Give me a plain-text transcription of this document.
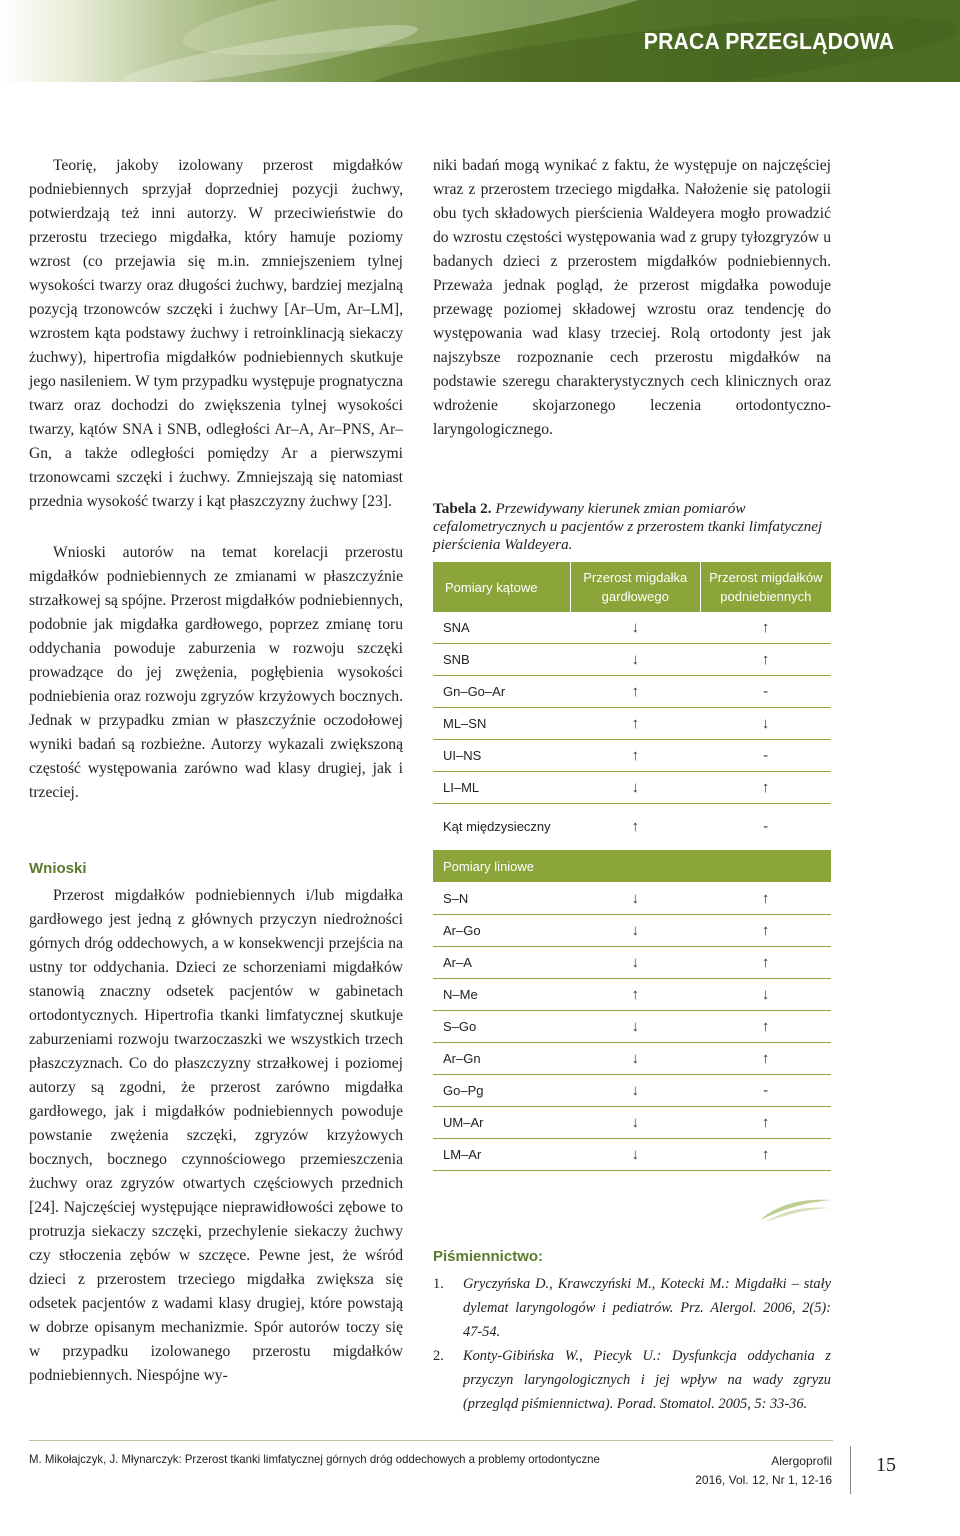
PRACA PRZEGLĄDOWA

Teorię, jakoby izolowany przerost migdałków podniebiennych sprzyjał doprzedniej pozycji żuchwy, potwierdzają też inni autorzy. W przeciwieństwie do przerostu trzeciego migdałka, który hamuje poziomy wzrost (co przejawia się m.in. zmniejszeniem tylnej wysokości twarzy oraz długości żuchwy, bardziej mezjalną pozycją trzonowców szczęki i żuchwy [Ar–Um, Ar–LM], wzrostem kąta podstawy żuchwy i retroinklinacją siekaczy żuchwy), hipertrofia migdałków podniebiennych skutkuje jego nasileniem. W tym przypadku występuje prognatyczna twarz oraz dochodzi do zwiększenia tylnej wysokości twarzy, kątów SNA i SNB, odległości Ar–A, Ar–PNS, Ar–Gn, a także odległości pomiędzy Ar a pierwszymi trzonowcami szczęki i żuchwy. Zmniejszają się natomiast przednia wysokość twarzy i kąt płaszczyzny żuchwy [23].

Wnioski autorów na temat korelacji przerostu migdałków podniebiennych ze zmianami w płaszczyźnie strzałkowej są spójne. Przerost migdałków podniebiennych, podobnie jak migdałka gardłowego, poprzez zmianę toru oddychania powoduje zaburzenia w rozwoju szczęki prowadzące do jej zwężenia, pogłębienia wysokości podniebienia oraz rozwoju zgryzów krzyżowych bocznych. Jednak w przypadku zmian w płaszczyźnie oczodołowej wyniki badań są rozbieżne. Autorzy wykazali zwiększoną częstość występowania zarówno wad klasy drugiej, jak i trzeciej.

Wnioski

Przerost migdałków podniebiennych i/lub migdałka gardłowego jest jedną z głównych przyczyn niedrożności górnych dróg oddechowych, a w konsekwencji przejścia na ustny tor oddychania. Dzieci ze schorzeniami migdałków stanowią znaczny odsetek pacjentów w gabinetach ortodontycznych. Hipertrofia tkanki limfatycznej skutkuje zaburzeniami rozwoju twarzoczaszki we wszystkich trzech płaszczyznach. Co do płaszczyzny strzałkowej i poziomej autorzy są zgodni, że przerost zarówno migdałka gardłowego, jak i migdałków podniebiennych powoduje powstanie zwężenia szczęki, zgryzów krzyżowych bocznych, bocznego czynnościowego przemieszczenia żuchwy oraz zgryzów otwartych częściowych przednich [24]. Najczęściej występujące nieprawidłowości zębowe to protruzja siekaczy szczęki, przechylenie siekaczy żuchwy czy stłoczenia zębów w szczęce. Pewne jest, że wśród dzieci z przerostem trzeciego migdałka zwiększa się odsetek pacjentów z wadami klasy drugiej, które powstają w dobrze opisanym mechanizmie. Spór autorów toczy się w przypadku izolowanego przerostu migdałków podniebiennych. Niespójne wy-

niki badań mogą wynikać z faktu, że występuje on najczęściej wraz z przerostem trzeciego migdałka. Nałożenie się patologii obu tych składowych pierścienia Waldeyera mogło prowadzić do wzrostu częstości występowania wad z grupy tyłozgryzów u badanych dzieci z przerostem migdałków podniebiennych. Przeważa jednak pogląd, że przerost migdałka powoduje przewagę poziomej składowej wzrostu oraz tendencję do występowania wad klasy trzeciej. Rolą ortodonty jest jak najszybsze rozpoznanie cech przerostu migdałków na podstawie szeregu charakterystycznych cech klinicznych oraz wdrożenie skojarzonego leczenia ortodontyczno-laryngologicznego.

Tabela 2. Przewidywany kierunek zmian pomiarów cefalometrycznych u pacjentów z przerostem tkanki limfatycznej pierścienia Waldeyera.
Pomiary kątowe	Przerost migdałka gardłowego	Przerost migdałków podniebiennych
SNA	↓	↑
SNB	↓	↑
Gn–Go–Ar	↑	-
ML–SN	↑	↓
UI–NS	↑	-
LI–ML	↓	↑
Kąt międzysieczny	↑	-
Pomiary liniowe		
S–N	↓	↑
Ar–Go	↓	↑
Ar–A	↓	↑
N–Me	↑	↓
S–Go	↓	↑
Ar–Gn	↓	↑
Go–Pg	↓	-
UM–Ar	↓	↑
LM–Ar	↓	↑
Piśmiennictwo:
1. Gryczyńska D., Krawczyński M., Kotecki M.: Migdałki – stały dylemat laryngologów i pediatrów. Prz. Alergol. 2006, 2(5): 47-54.
2. Konty-Gibińska W., Piecyk U.: Dysfunkcja oddychania z przyczyn laryngologicznych i jej wpływ na wady zgryzu (przegląd piśmiennictwa). Porad. Stomatol. 2005, 5: 33-36.
M. Mikołajczyk, J. Młynarczyk: Przerost tkanki limfatycznej górnych dróg oddechowych a problemy ortodontyczne	Alergoprofil
2016, Vol. 12, Nr 1, 12-16
15
